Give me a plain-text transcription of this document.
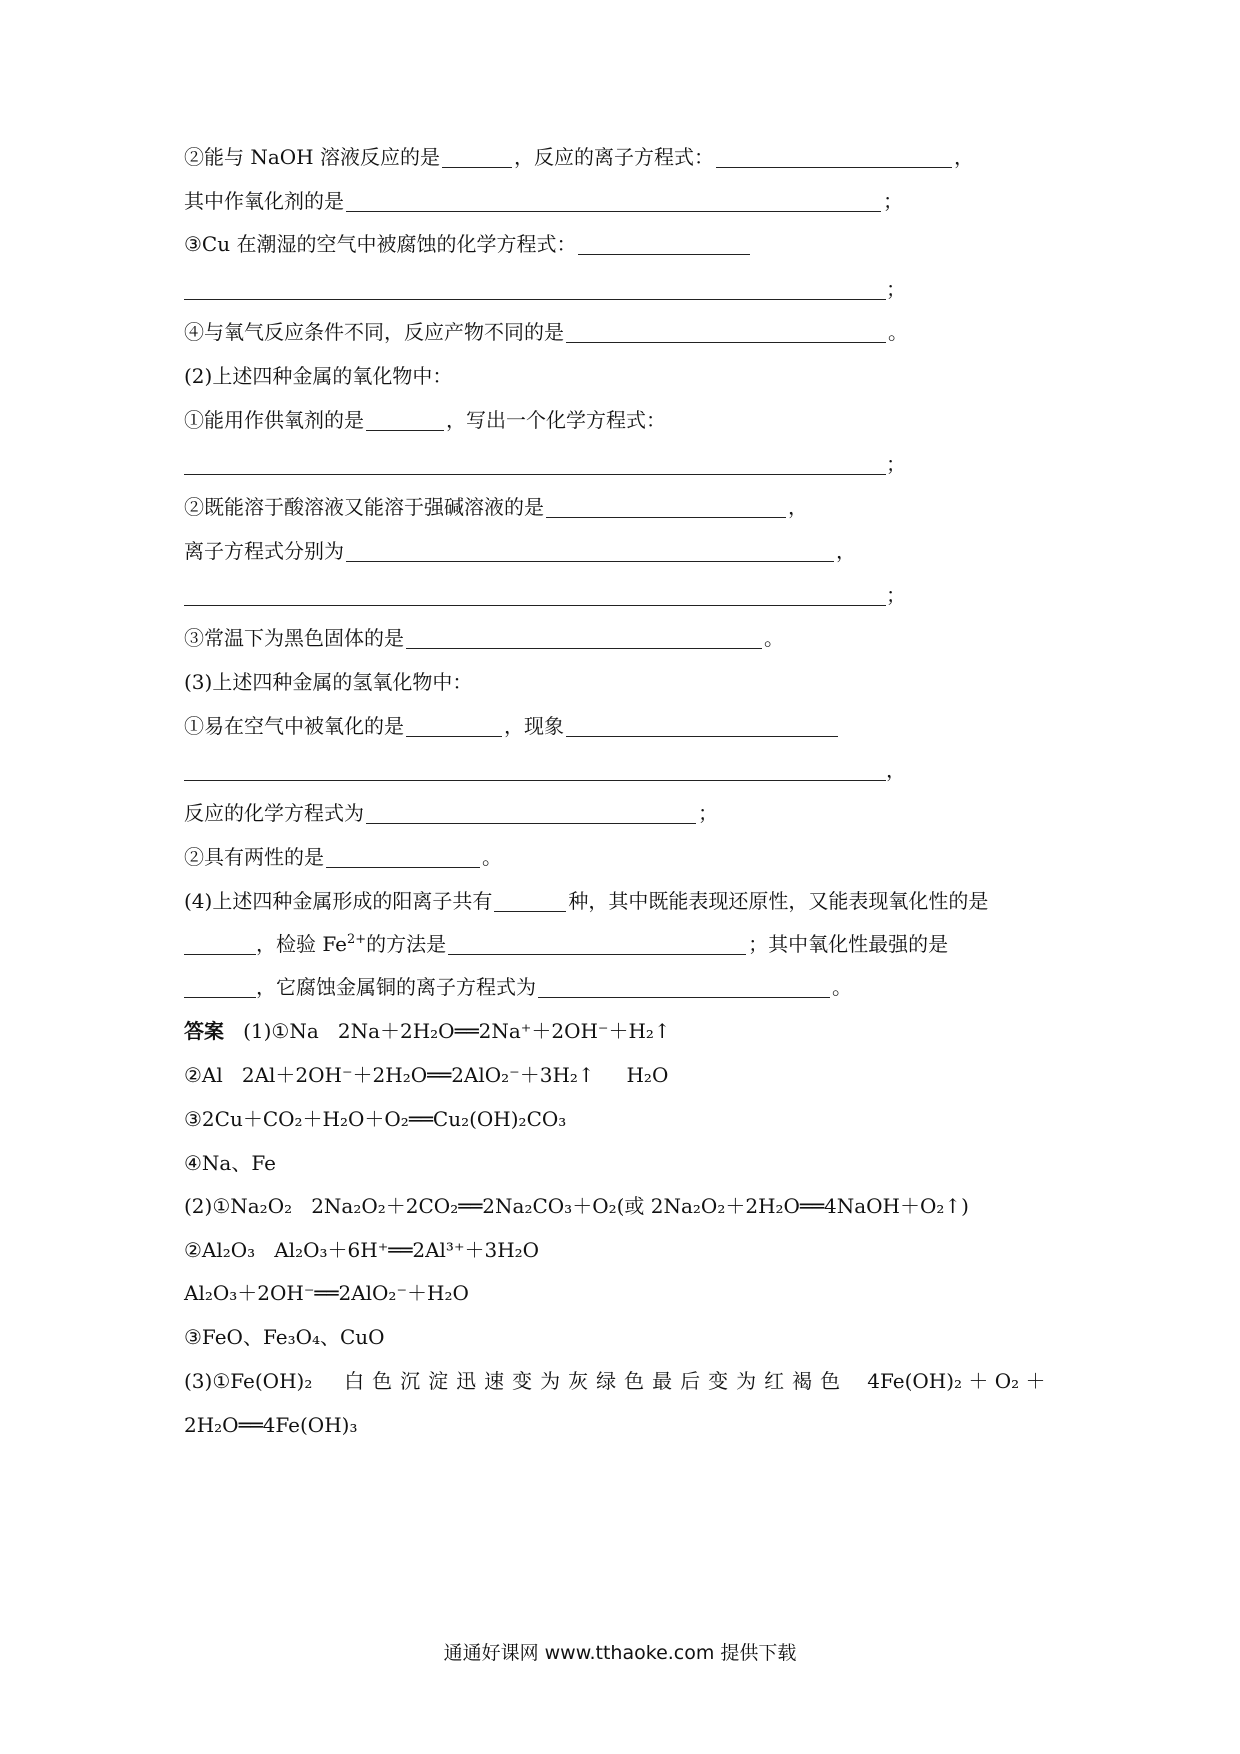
②能与 NaOH 溶液反应的是	，反应的离子方程式：	，
其中作氧化剂的是	；
③Cu 在潮湿的空气中被腐蚀的化学方程式：
；
④与氧气反应条件不同，反应产物不同的是	。
(2)上述四种金属的氧化物中：
①能用作供氧剂的是	，写出一个化学方程式：
；
②既能溶于酸溶液又能溶于强碱溶液的是	，
离子方程式分别为	，
；
③常温下为黑色固体的是	。
(3)上述四种金属的氢氧化物中：
①易在空气中被氧化的是	，现象
，
反应的化学方程式为	；
②具有两性的是	。
(4)上述四种金属形成的阳离子共有	种，其中既能表现还原性，又能表现氧化性的是
，检验 $Fe^{2+}$的方法是	；其中氧化性最强的是
，它腐蚀金属铜的离子方程式为	。
答案 (1)①Na 2Na＋2H₂O══2Na⁺＋2OH⁻＋H₂↑
②Al 2Al＋2OH⁻＋2H₂O══2AlO₂⁻＋3H₂↑ H₂O
③2Cu＋CO₂＋H₂O＋O₂══Cu₂(OH)₂CO₃
④Na、Fe
(2)①Na₂O₂ 2Na₂O₂＋2CO₂══2Na₂CO₃＋O₂(或 2Na₂O₂＋2H₂O══4NaOH＋O₂↑)
②Al₂O₃ Al₂O₃＋6H⁺══2Al³⁺＋3H₂O
Al₂O₃＋2OH⁻══2AlO₂⁻＋H₂O
③FeO、Fe₃O₄、CuO
(3)①Fe(OH)₂ 白色沉淀迅速变为灰绿色最后变为红褐色 4Fe(OH)₂ ＋ O₂ ＋
2H₂O══4Fe(OH)₃
通通好课网 www.tthaoke.com 提供下载
